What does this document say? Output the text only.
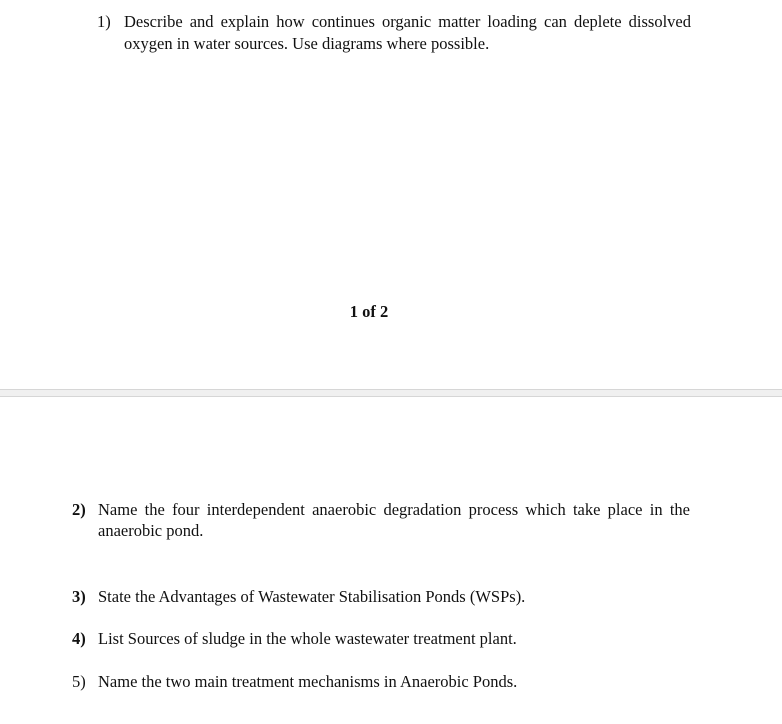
1) Describe and explain how continues organic matter loading can deplete dissolved
oxygen in water sources. Use diagrams where possible.
1 of 2
2) Name the four interdependent anaerobic degradation process which take place in the
anaerobic pond.
3) State the Advantages of Wastewater Stabilisation Ponds (WSPs).
4) List Sources of sludge in the whole wastewater treatment plant.
5) Name the two main treatment mechanisms in Anaerobic Ponds.
